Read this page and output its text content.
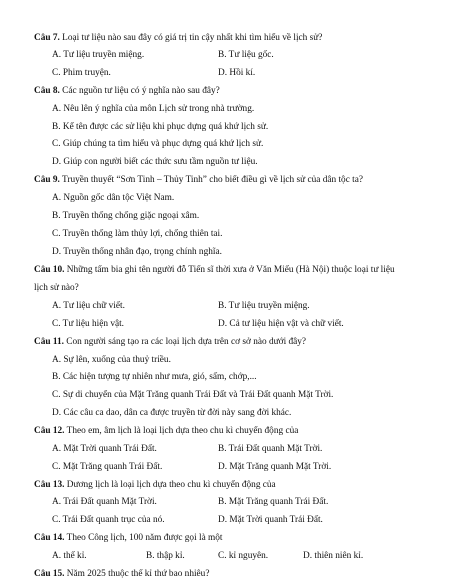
Câu 7. Loại tư liệu nào sau đây có giá trị tin cậy nhất khi tìm hiểu về lịch sử?
A. Tư liệu truyền miệng.	B. Tư liệu gốc.
C. Phim truyện.	D. Hồi kí.
Câu 8. Các nguồn tư liệu có ý nghĩa nào sau đây?
A. Nêu lên ý nghĩa của môn Lịch sử trong nhà trường.
B. Kể tên được các sử liệu khi phục dựng quá khứ lịch sử.
C. Giúp chúng ta tìm hiểu và phục dựng quá khứ lịch sử.
D. Giúp con người biết các thức sưu tầm nguồn tư liệu.
Câu 9. Truyền thuyết “Sơn Tinh – Thủy Tinh” cho biết điều gì về lịch sử của dân tộc ta?
A. Nguồn gốc dân tộc Việt Nam.
B. Truyền thống chống giặc ngoại xâm.
C. Truyền thống làm thủy lợi, chống thiên tai.
D. Truyền thống nhân đạo, trọng chính nghĩa.
Câu 10. Những tấm bia ghi tên người đỗ Tiến sĩ thời xưa ở Văn Miếu (Hà Nội) thuộc loại tư liệu
lịch sử nào?
A. Tư liệu chữ viết.	B. Tư liệu truyền miệng.
C. Tư liệu hiện vật.	D. Cả tư liệu hiện vật và chữ viết.
Câu 11. Con người sáng tạo ra các loại lịch dựa trên cơ sở nào dưới đây?
A. Sự lên, xuống của thuỷ triều.
B. Các hiện tượng tự nhiên như mưa, gió, sấm, chớp,...
C. Sự di chuyển của Mặt Trăng quanh Trái Đất và Trái Đất quanh Mặt Trời.
D. Các câu ca dao, dân ca được truyền từ đời này sang đời khác.
Câu 12. Theo em, âm lịch là loại lịch dựa theo chu kì chuyển động của
A. Mặt Trời quanh Trái Đất.	B. Trái Đất quanh Mặt Trời.
C. Mặt Trăng quanh Trái Đất.	D. Mặt Trăng quanh Mặt Trời.
Câu 13. Dương lịch là loại lịch dựa theo chu kì chuyển động của
A. Trái Đất quanh Mặt Trời.	B. Mặt Trăng quanh Trái Đất.
C. Trái Đất quanh trục của nó.	D. Mặt Trời quanh Trái Đất.
Câu 14. Theo Công lịch, 100 năm được gọi là một
A. thế kỉ.	B. thập kỉ.	C. kỉ nguyên.	D. thiên niên kỉ.
Câu 15. Năm 2025 thuộc thế kỉ thứ bao nhiêu?
